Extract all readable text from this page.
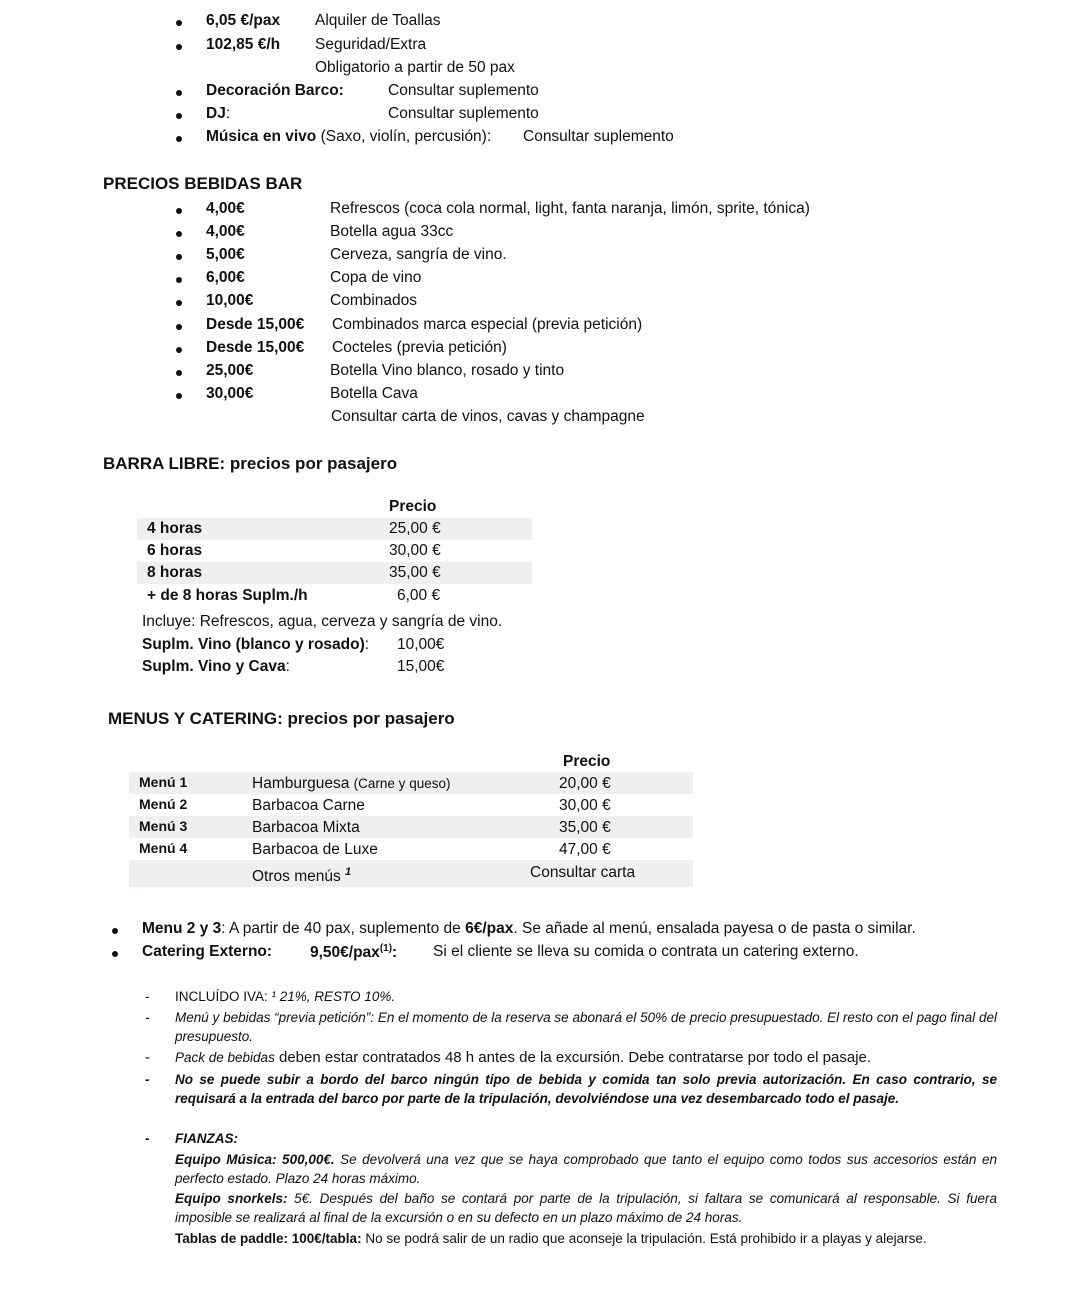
6,05 €/pax Alquiler de Toallas
102,85 €/h Seguridad/Extra
Obligatorio a partir de 50 pax
Decoración Barco:	Consultar suplemento
DJ:	Consultar suplemento
Música en vivo (Saxo, violín, percusión): Consultar suplemento
PRECIOS BEBIDAS BAR
4,00€	Refrescos (coca cola normal, light, fanta naranja, limón, sprite, tónica)
4,00€	Botella agua 33cc
5,00€	Cerveza, sangría de vino.
6,00€	Copa de vino
10,00€	Combinados
Desde 15,00€ Combinados marca especial (previa petición)
Desde 15,00€ Cocteles (previa petición)
25,00€	Botella Vino blanco, rosado y tinto
30,00€	Botella Cava
Consultar carta de vinos, cavas y champagne
BARRA LIBRE: precios por pasajero
Precio
4 horas	25,00 €
6 horas	30,00 €
8 horas	35,00 €
+ de 8 horas Suplm./h	6,00 €
Incluye: Refrescos, agua, cerveza y sangría de vino.
Suplm. Vino (blanco y rosado): 10,00€
Suplm. Vino y Cava:	15,00€
MENUS Y CATERING: precios por pasajero
Precio
Menú 1	Hamburguesa (Carne y queso)	20,00 €
Menú 2	Barbacoa Carne	30,00 €
Menú 3	Barbacoa Mixta	35,00 €
Menú 4	Barbacoa de Luxe	47,00 €
Otros menús $^1$	Consultar carta
Menu 2 y 3: A partir de 40 pax, suplemento de 6€/pax. Se añade al menú, ensalada payesa o de pasta o similar.
Catering Externo: 9,50€/pax$^{(1)}$: Si el cliente se lleva su comida o contrata un catering externo.
- INCLUÍDO IVA: ¹ 21%, RESTO 10%.
- Menú y bebidas “previa petición”: En el momento de la reserva se abonará el 50% de precio presupuestado. El resto con el pago final del presupuesto.
- Pack de bebidas deben estar contratados 48 h antes de la excursión. Debe contratarse por todo el pasaje.
- No se puede subir a bordo del barco ningún tipo de bebida y comida tan solo previa autorización. En caso contrario, se requisará a la entrada del barco por parte de la tripulación, devolviéndose una vez desembarcado todo el pasaje.
- FIANZAS:
Equipo Música: 500,00€. Se devolverá una vez que se haya comprobado que tanto el equipo como todos sus accesorios están en perfecto estado. Plazo 24 horas máximo.
Equipo snorkels: 5€. Después del baño se contará por parte de la tripulación, si faltara se comunicará al responsable. Si fuera imposible se realizará al final de la excursión o en su defecto en un plazo máximo de 24 horas.
Tablas de paddle: 100€/tabla: No se podrá salir de un radio que aconseje la tripulación. Está prohibido ir a playas y alejarse.
